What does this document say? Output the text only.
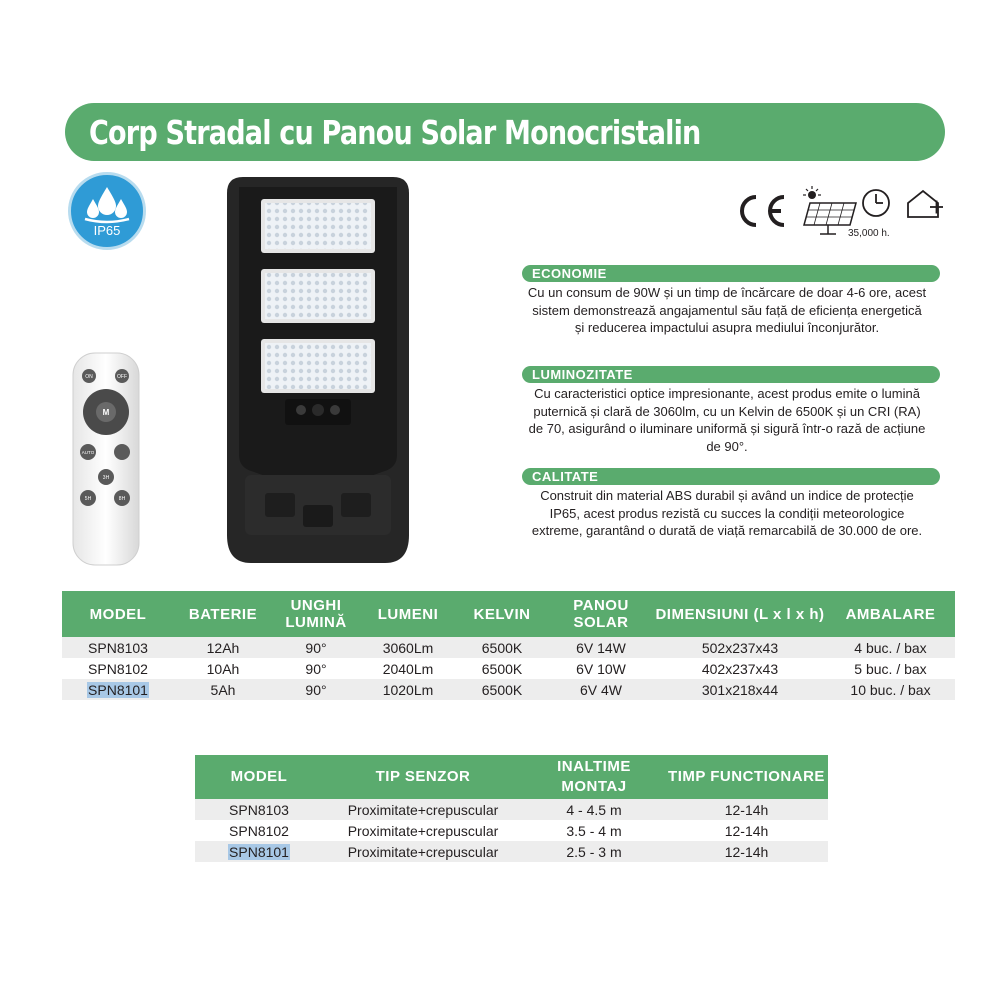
Corp Stradal cu Panou Solar Monocristalin
IP65
ON	OFF
M
AUTO
3H
5H	8H
35,000 h.
ECONOMIE
Cu un consum de 90W și un timp de încărcare de doar 4-6 ore, acest sistem demonstrează angajamentul său față de eficiența energetică și reducerea impactului asupra mediului înconjurător.
LUMINOZITATE
Cu caracteristici optice impresionante, acest produs emite o lumină puternică și clară de 3060lm, cu un Kelvin de 6500K și un CRI (RA) de 70, asigurând o iluminare uniformă și sigură într-o rază de acțiune de 90°.
CALITATE
Construit din material ABS durabil și având un indice de protecție IP65, acest produs rezistă cu succes la condiții meteorologice extreme, garantând o durată de viață remarcabilă de 30.000 de ore.
MODEL	BATERIE	UNGHI LUMINĂ	LUMENI	KELVIN	PANOU SOLAR	DIMENSIUNI (L x l x h)	AMBALARE
SPN8103	12Ah	90°	3060Lm	6500K	6V 14W	502x237x43	4 buc. / bax
SPN8102	10Ah	90°	2040Lm	6500K	6V 10W	402x237x43	5 buc. / bax
SPN8101	5Ah	90°	1020Lm	6500K	6V 4W	301x218x44	10 buc. / bax
MODEL	TIP SENZOR	INALTIME MONTAJ	TIMP FUNCTIONARE
SPN8103	Proximitate+crepuscular	4 - 4.5 m	12-14h
SPN8102	Proximitate+crepuscular	3.5 - 4 m	12-14h
SPN8101	Proximitate+crepuscular	2.5 - 3 m	12-14h
